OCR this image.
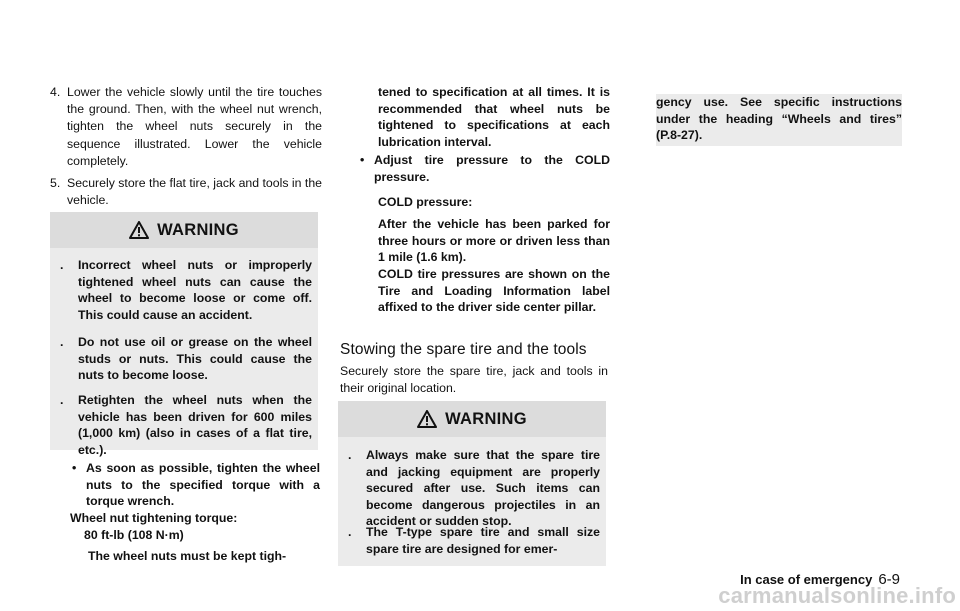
4. Lower the vehicle slowly until the tire touches the ground. Then, with the wheel nut wrench, tighten the wheel nuts securely in the sequence illustrated. Lower the vehicle completely.
5. Securely store the flat tire, jack and tools in the vehicle.
WARNING
. Incorrect wheel nuts or improperly tightened wheel nuts can cause the wheel to become loose or come off. This could cause an accident.
. Do not use oil or grease on the wheel studs or nuts. This could cause the nuts to become loose.
. Retighten the wheel nuts when the vehicle has been driven for 600 miles (1,000 km) (also in cases of a flat tire, etc.).
• As soon as possible, tighten the wheel nuts to the specified torque with a torque wrench.
Wheel nut tightening torque:
80 ft-lb (108 N·m)
The wheel nuts must be kept tigh-
tened to specification at all times. It is recommended that wheel nuts be tightened to specifications at each lubrication interval.
• Adjust tire pressure to the COLD pressure.
COLD pressure:
After the vehicle has been parked for three hours or more or driven less than 1 mile (1.6 km).
COLD tire pressures are shown on the Tire and Loading Information label affixed to the driver side center pillar.
Stowing the spare tire and the tools
Securely store the spare tire, jack and tools in their original location.
WARNING
. Always make sure that the spare tire and jacking equipment are properly secured after use. Such items can become dangerous projectiles in an accident or sudden stop.
. The T-type spare tire and small size spare tire are designed for emer-
gency use. See specific instructions under the heading “Wheels and tires” (P.8-27).
In case of emergency 6-9
carmanualsonline.info
